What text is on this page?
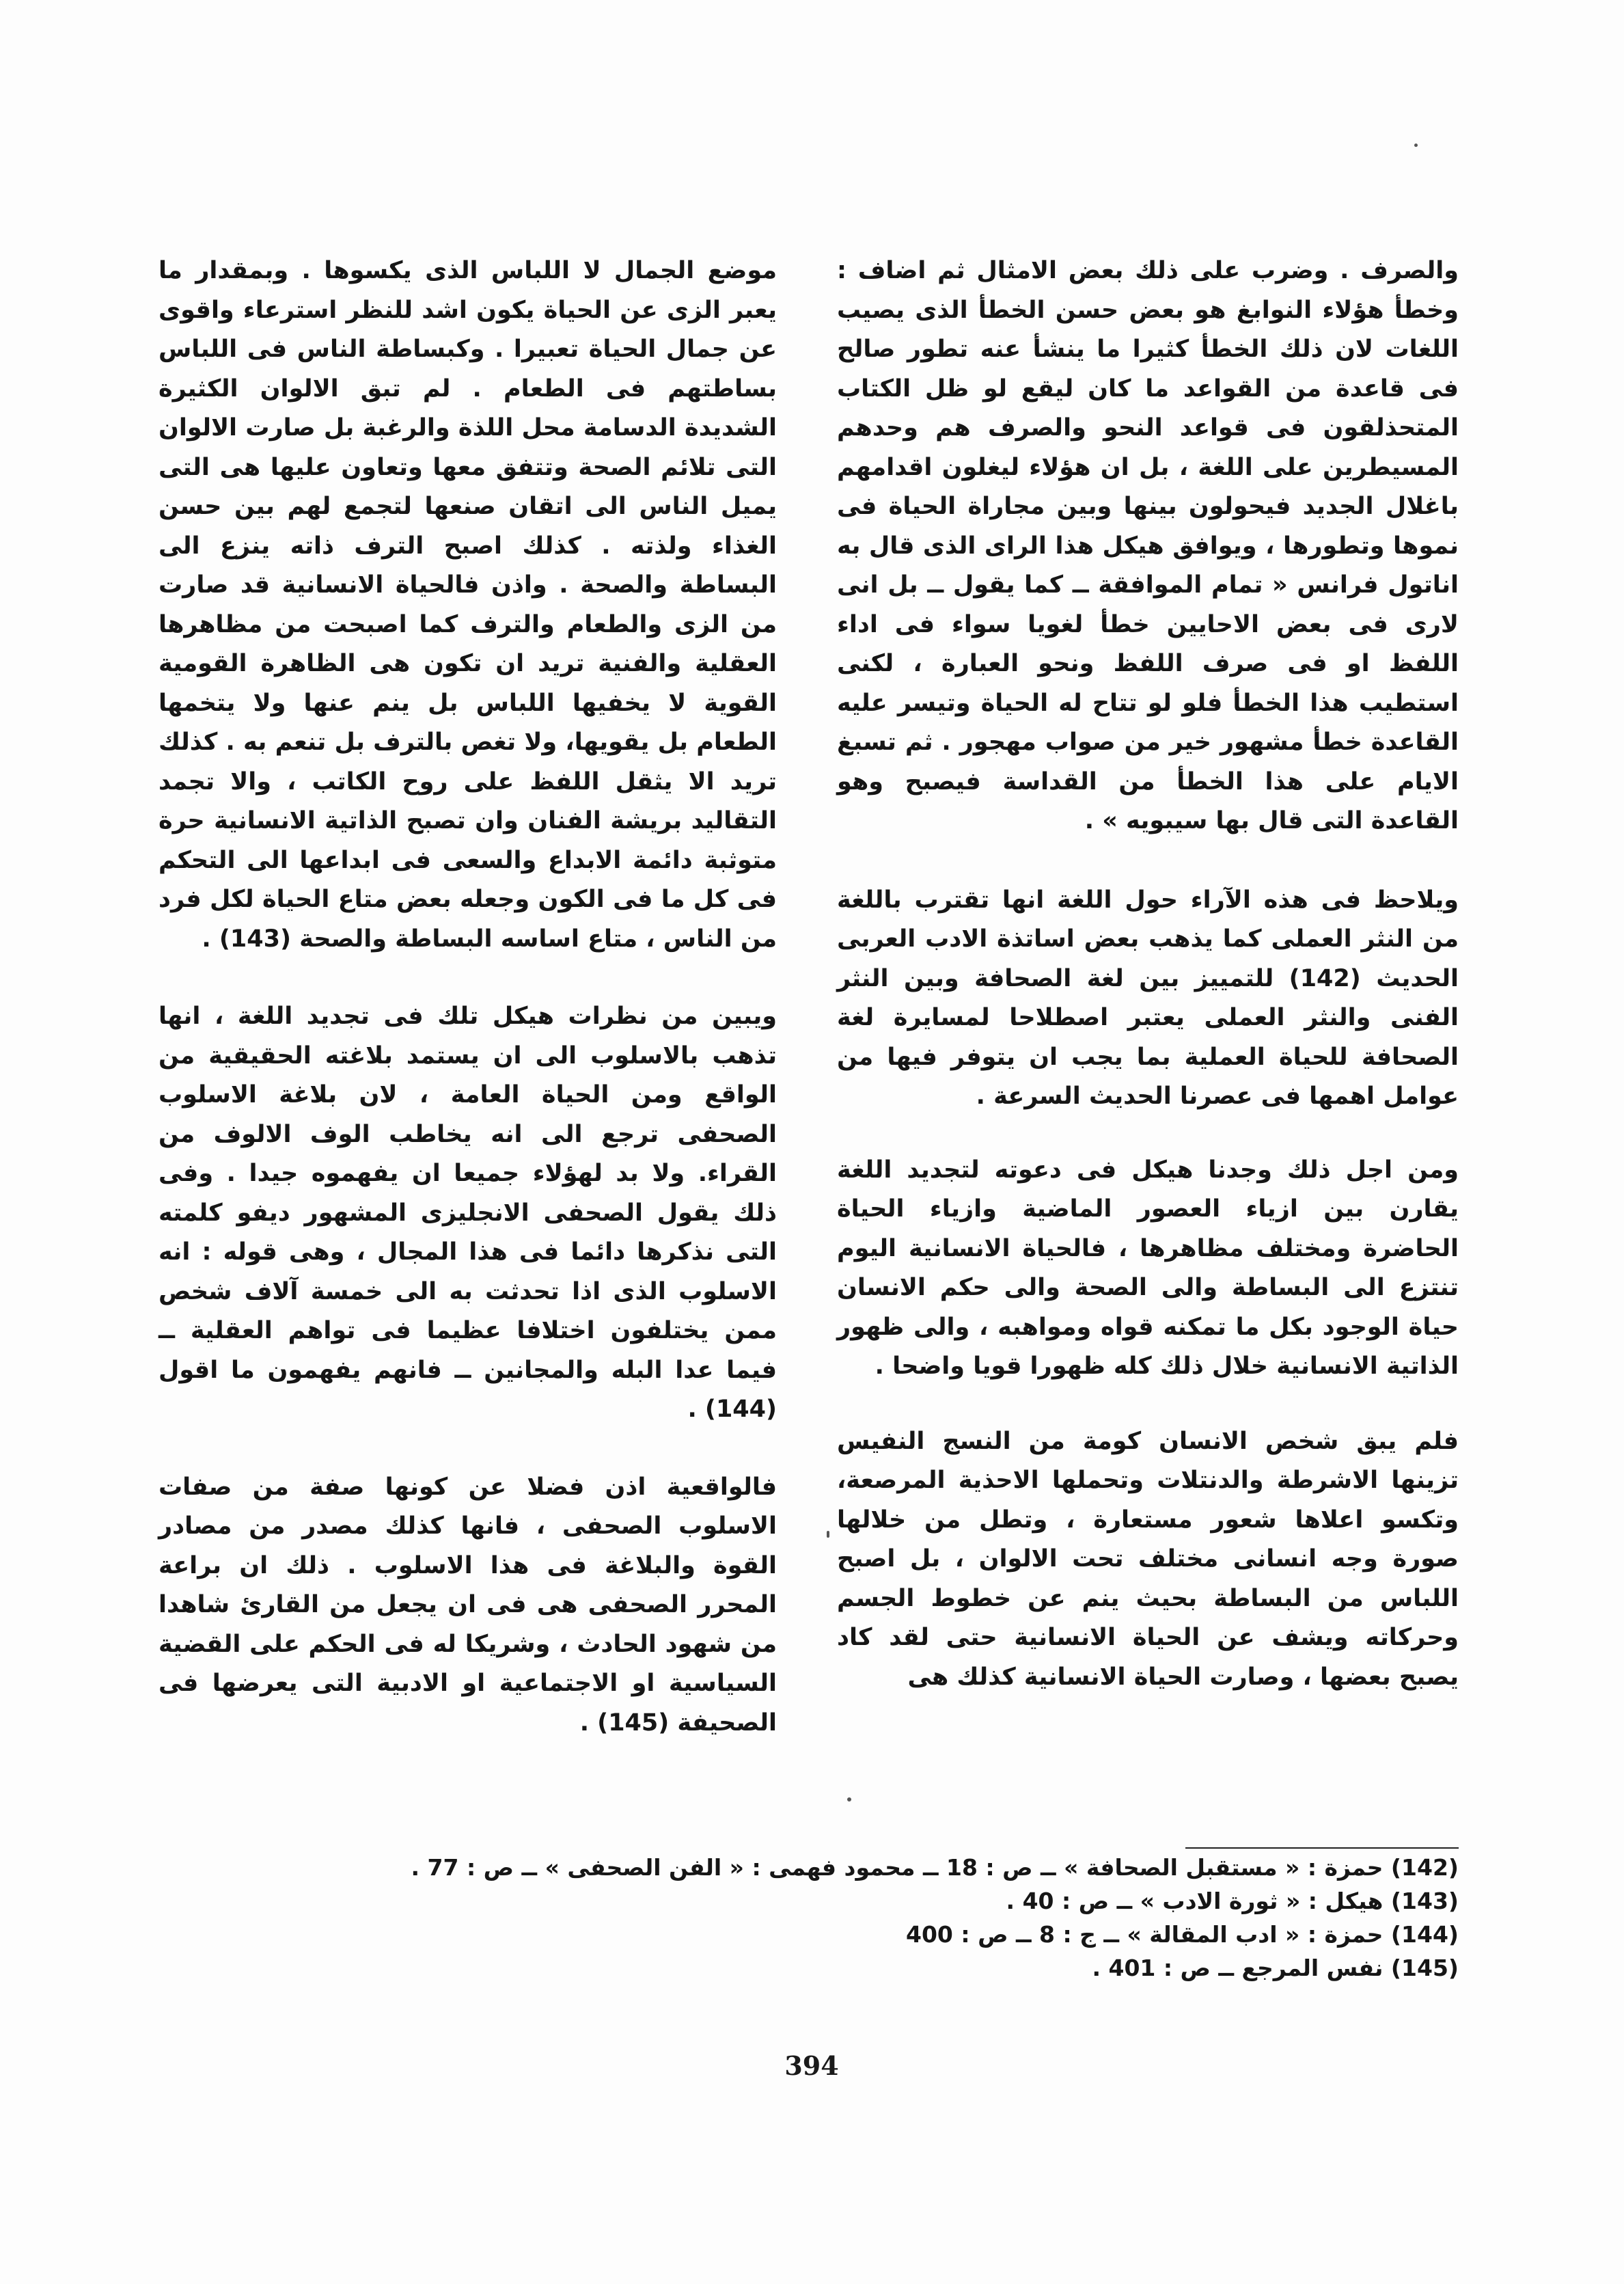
والصرف . وضرب على ذلك بعض الامثال ثم اضاف : وخطأ هؤلاء النوابغ هو بعض حسن الخطأ الذى يصيب اللغات لان ذلك الخطأ كثيرا ما ينشأ عنه تطور صالح فى قاعدة من القواعد ما كان ليقع لو ظل الكتاب المتحذلقون فى قواعد النحو والصرف هم وحدهم المسيطرين على اللغة ، بل ان هؤلاء ليغلون اقدامهم باغلال الجديد فيحولون بينها وبين مجاراة الحياة فى نموها وتطورها ، ويوافق هيكل هذا الراى الذى قال به اناتول فرانس « تمام الموافقة ــ كما يقول ــ بل انى لارى فى بعض الاحايين خطأ لغويا سواء فى اداء اللفظ او فى صرف اللفظ ونحو العبارة ، لكنى استطيب هذا الخطأ فلو لو تتاح له الحياة وتيسر عليه القاعدة خطأ مشهور خير من صواب مهجور . ثم تسبغ الايام على هذا الخطأ من القداسة فيصبح وهو القاعدة التى قال بها سيبويه » .

ويلاحظ فى هذه الآراء حول اللغة انها تقترب باللغة من النثر العملى كما يذهب بعض اساتذة الادب العربى الحديث (142) للتمييز بين لغة الصحافة وبين النثر الفنى والنثر العملى يعتبر اصطلاحا لمسايرة لغة الصحافة للحياة العملية بما يجب ان يتوفر فيها من عوامل اهمها فى عصرنا الحديث السرعة .

ومن اجل ذلك وجدنا هيكل فى دعوته لتجديد اللغة يقارن بين ازياء العصور الماضية وازياء الحياة الحاضرة ومختلف مظاهرها ، فالحياة الانسانية اليوم تنتزع الى البساطة والى الصحة والى حكم الانسان حياة الوجود بكل ما تمكنه قواه ومواهبه ، والى ظهور الذاتية الانسانية خلال ذلك كله ظهورا قويا واضحا .

فلم يبق شخص الانسان كومة من النسج النفيس تزينها الاشرطة والدنتلات وتحملها الاحذية المرصعة، وتكسو اعلاها شعور مستعارة ، وتطل من خلالها صورة وجه انسانى مختلف تحت الالوان ، بل اصبح اللباس من البساطة بحيث ينم عن خطوط الجسم وحركاته ويشف عن الحياة الانسانية حتى لقد كاد يصبح بعضها ، وصارت الحياة الانسانية كذلك هى

موضع الجمال لا اللباس الذى يكسوها . وبمقدار ما يعبر الزى عن الحياة يكون اشد للنظر استرعاء واقوى عن جمال الحياة تعبيرا . وكبساطة الناس فى اللباس بساطتهم فى الطعام . لم تبق الالوان الكثيرة الشديدة الدسامة محل اللذة والرغبة بل صارت الالوان التى تلائم الصحة وتتفق معها وتعاون عليها هى التى يميل الناس الى اتقان صنعها لتجمع لهم بين حسن الغذاء ولذته . كذلك اصبح الترف ذاته ينزع الى البساطة والصحة . واذن فالحياة الانسانية قد صارت من الزى والطعام والترف كما اصبحت من مظاهرها العقلية والفنية تريد ان تكون هى الظاهرة القومية القوية لا يخفيها اللباس بل ينم عنها ولا يتخمها الطعام بل يقويها، ولا تغص بالترف بل تنعم به . كذلك تريد الا يثقل اللفظ على روح الكاتب ، والا تجمد التقاليد بريشة الفنان وان تصبح الذاتية الانسانية حرة متوثبة دائمة الابداع والسعى فى ابداعها الى التحكم فى كل ما فى الكون وجعله بعض متاع الحياة لكل فرد من الناس ، متاع اساسه البساطة والصحة (143) .

ويبين من نظرات هيكل تلك فى تجديد اللغة ، انها تذهب بالاسلوب الى ان يستمد بلاغته الحقيقية من الواقع ومن الحياة العامة ، لان بلاغة الاسلوب الصحفى ترجع الى انه يخاطب الوف الالوف من القراء. ولا بد لهؤلاء جميعا ان يفهموه جيدا . وفى ذلك يقول الصحفى الانجليزى المشهور ديفو كلمته التى نذكرها دائما فى هذا المجال ، وهى قوله : انه الاسلوب الذى اذا تحدثت به الى خمسة آلاف شخص ممن يختلفون اختلافا عظيما فى تواهم العقلية ــ فيما عدا البله والمجانين ــ فانهم يفهمون ما اقول (144) .

فالواقعية اذن فضلا عن كونها صفة من صفات الاسلوب الصحفى ، فانها كذلك مصدر من مصادر القوة والبلاغة فى هذا الاسلوب . ذلك ان براعة المحرر الصحفى هى فى ان يجعل من القارئ شاهدا من شهود الحادث ، وشريكا له فى الحكم على القضية السياسية او الاجتماعية او الادبية التى يعرضها فى الصحيفة (145) .

(142) حمزة : « مستقبل الصحافة » ــ ص : 18 ــ محمود فهمى : « الفن الصحفى » ــ ص : 77 .

(143) هيكل : « ثورة الادب » ــ ص : 40 .

(144) حمزة : « ادب المقالة » ــ ج : 8 ــ ص : 400

(145) نفس المرجع ــ ص : 401 .

394
